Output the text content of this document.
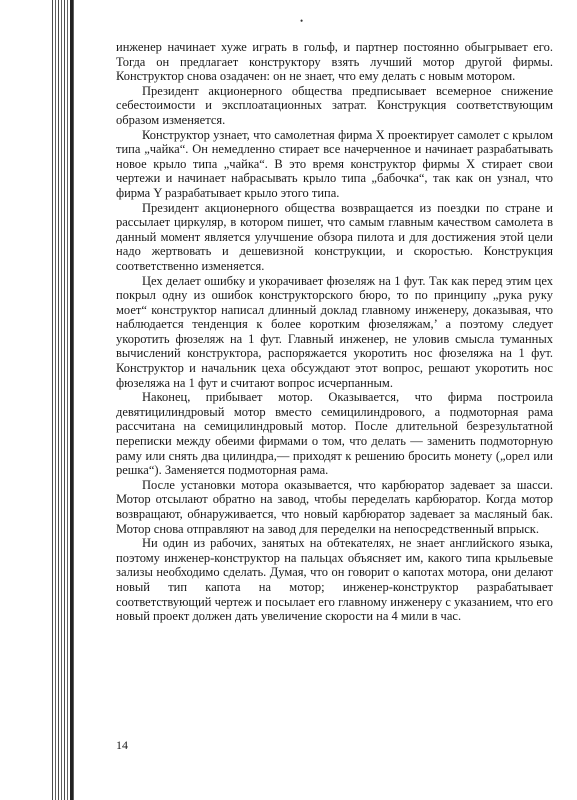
•

инженер начинает хуже играть в гольф, и партнер постоянно обыгрывает его. Тогда он предлагает конструктору взять лучший мотор другой фирмы. Конструктор снова озадачен: он не знает, что ему делать с новым мотором.

Президент акционерного общества предписывает всемерное снижение себестоимости и эксплоатационных затрат. Конструкция соответствующим образом изменяется.

Конструктор узнает, что самолетная фирма X проектирует самолет с крылом типа „чайка“. Он немедленно стирает все начерченное и начинает разрабатывать новое крыло типа „чайка“. В это время конструктор фирмы X стирает свои чертежи и начинает набрасывать крыло типа „бабочка“, так как он узнал, что фирма Y разрабатывает крыло этого типа.

Президент акционерного общества возвращается из поездки по стране и рассылает циркуляр, в котором пишет, что самым главным качеством самолета в данный момент является улучшение обзора пилота и для достижения этой цели надо жертвовать и дешевизной конструкции, и скоростью. Конструкция соответственно изменяется.

Цех делает ошибку и укорачивает фюзеляж на 1 фут. Так как перед этим цех покрыл одну из ошибок конструкторского бюро, то по принципу „рука руку моет“ конструктор написал длинный доклад главному инженеру, доказывая, что наблюдается тенденция к более коротким фюзеляжам,’ а поэтому следует укоротить фюзеляж на 1 фут. Главный инженер, не уловив смысла туманных вычислений конструктора, распоряжается укоротить нос фюзеляжа на 1 фут. Конструктор и начальник цеха обсуждают этот вопрос, решают укоротить нос фюзеляжа на 1 фут и считают вопрос исчерпанным.

Наконец, прибывает мотор. Оказывается, что фирма построила девятицилиндровый мотор вместо семицилиндрового, а подмоторная рама рассчитана на семицилиндровый мотор. После длительной безрезультатной переписки между обеими фирмами о том, что делать — заменить подмоторную раму или снять два цилиндра,— приходят к решению бросить монету („орел или решка“). Заменяется подмоторная рама.

После установки мотора оказывается, что карбюратор задевает за шасси. Мотор отсылают обратно на завод, чтобы переделать карбюратор. Когда мотор возвращают, обнаруживается, что новый карбюратор задевает за масляный бак. Мотор снова отправляют на завод для переделки на непосредственный впрыск.

Ни один из рабочих, занятых на обтекателях, не знает английского языка, поэтому инженер-конструктор на пальцах объясняет им, какого типа крыльевые зализы необходимо сделать. Думая, что он говорит о капотах мотора, они делают новый тип капота на мотор; инженер-конструктор разрабатывает соответствующий чертеж и посылает его главному инженеру с указанием, что его новый проект должен дать увеличение скорости на 4 мили в час.

14
